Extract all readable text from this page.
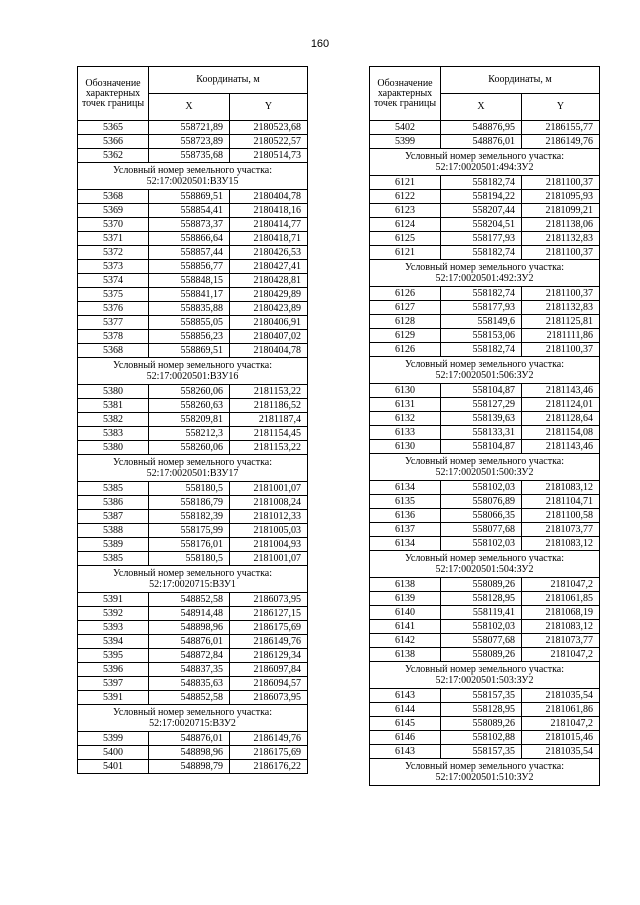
160
Обозначение характерных точек границы	Координаты, м	
	X	Y
5365	558721,89	2180523,68
5366	558723,89	2180522,57
5362	558735,68	2180514,73
Условный номер земельного участка: 52:17:0020501:ВЗУ15		
5368	558869,51	2180404,78
5369	558854,41	2180418,16
5370	558873,37	2180414,77
5371	558866,64	2180418,71
5372	558857,44	2180426,53
5373	558856,77	2180427,41
5374	558848,15	2180428,81
5375	558841,17	2180429,89
5376	558835,88	2180423,89
5377	558855,05	2180406,91
5378	558856,23	2180407,02
5368	558869,51	2180404,78
Условный номер земельного участка: 52:17:0020501:ВЗУ16		
5380	558260,06	2181153,22
5381	558260,63	2181186,52
5382	558209,81	2181187,4
5383	558212,3	2181154,45
5380	558260,06	2181153,22
Условный номер земельного участка: 52:17:0020501:ВЗУ17		
5385	558180,5	2181001,07
5386	558186,79	2181008,24
5387	558182,39	2181012,33
5388	558175,99	2181005,03
5389	558176,01	2181004,93
5385	558180,5	2181001,07
Условный номер земельного участка: 52:17:0020715:ВЗУ1		
5391	548852,58	2186073,95
5392	548914,48	2186127,15
5393	548898,96	2186175,69
5394	548876,01	2186149,76
5395	548872,84	2186129,34
5396	548837,35	2186097,84
5397	548835,63	2186094,57
5391	548852,58	2186073,95
Условный номер земельного участка: 52:17:0020715:ВЗУ2		
5399	548876,01	2186149,76
5400	548898,96	2186175,69
5401	548898,79	2186176,22
Обозначение характерных точек границы	Координаты, м	
	X	Y
5402	548876,95	2186155,77
5399	548876,01	2186149,76
Условный номер земельного участка: 52:17:0020501:494:ЗУ2		
6121	558182,74	2181100,37
6122	558194,22	2181095,93
6123	558207,44	2181099,21
6124	558204,51	2181138,06
6125	558177,93	2181132,83
6121	558182,74	2181100,37
Условный номер земельного участка: 52:17:0020501:492:ЗУ2		
6126	558182,74	2181100,37
6127	558177,93	2181132,83
6128	558149,6	2181125,81
6129	558153,06	2181111,86
6126	558182,74	2181100,37
Условный номер земельного участка: 52:17:0020501:506:ЗУ2		
6130	558104,87	2181143,46
6131	558127,29	2181124,01
6132	558139,63	2181128,64
6133	558133,31	2181154,08
6130	558104,87	2181143,46
Условный номер земельного участка: 52:17:0020501:500:ЗУ2		
6134	558102,03	2181083,12
6135	558076,89	2181104,71
6136	558066,35	2181100,58
6137	558077,68	2181073,77
6134	558102,03	2181083,12
Условный номер земельного участка: 52:17:0020501:504:ЗУ2		
6138	558089,26	2181047,2
6139	558128,95	2181061,85
6140	558119,41	2181068,19
6141	558102,03	2181083,12
6142	558077,68	2181073,77
6138	558089,26	2181047,2
Условный номер земельного участка: 52:17:0020501:503:ЗУ2		
6143	558157,35	2181035,54
6144	558128,95	2181061,86
6145	558089,26	2181047,2
6146	558102,88	2181015,46
6143	558157,35	2181035,54
Условный номер земельного участка: 52:17:0020501:510:ЗУ2		
